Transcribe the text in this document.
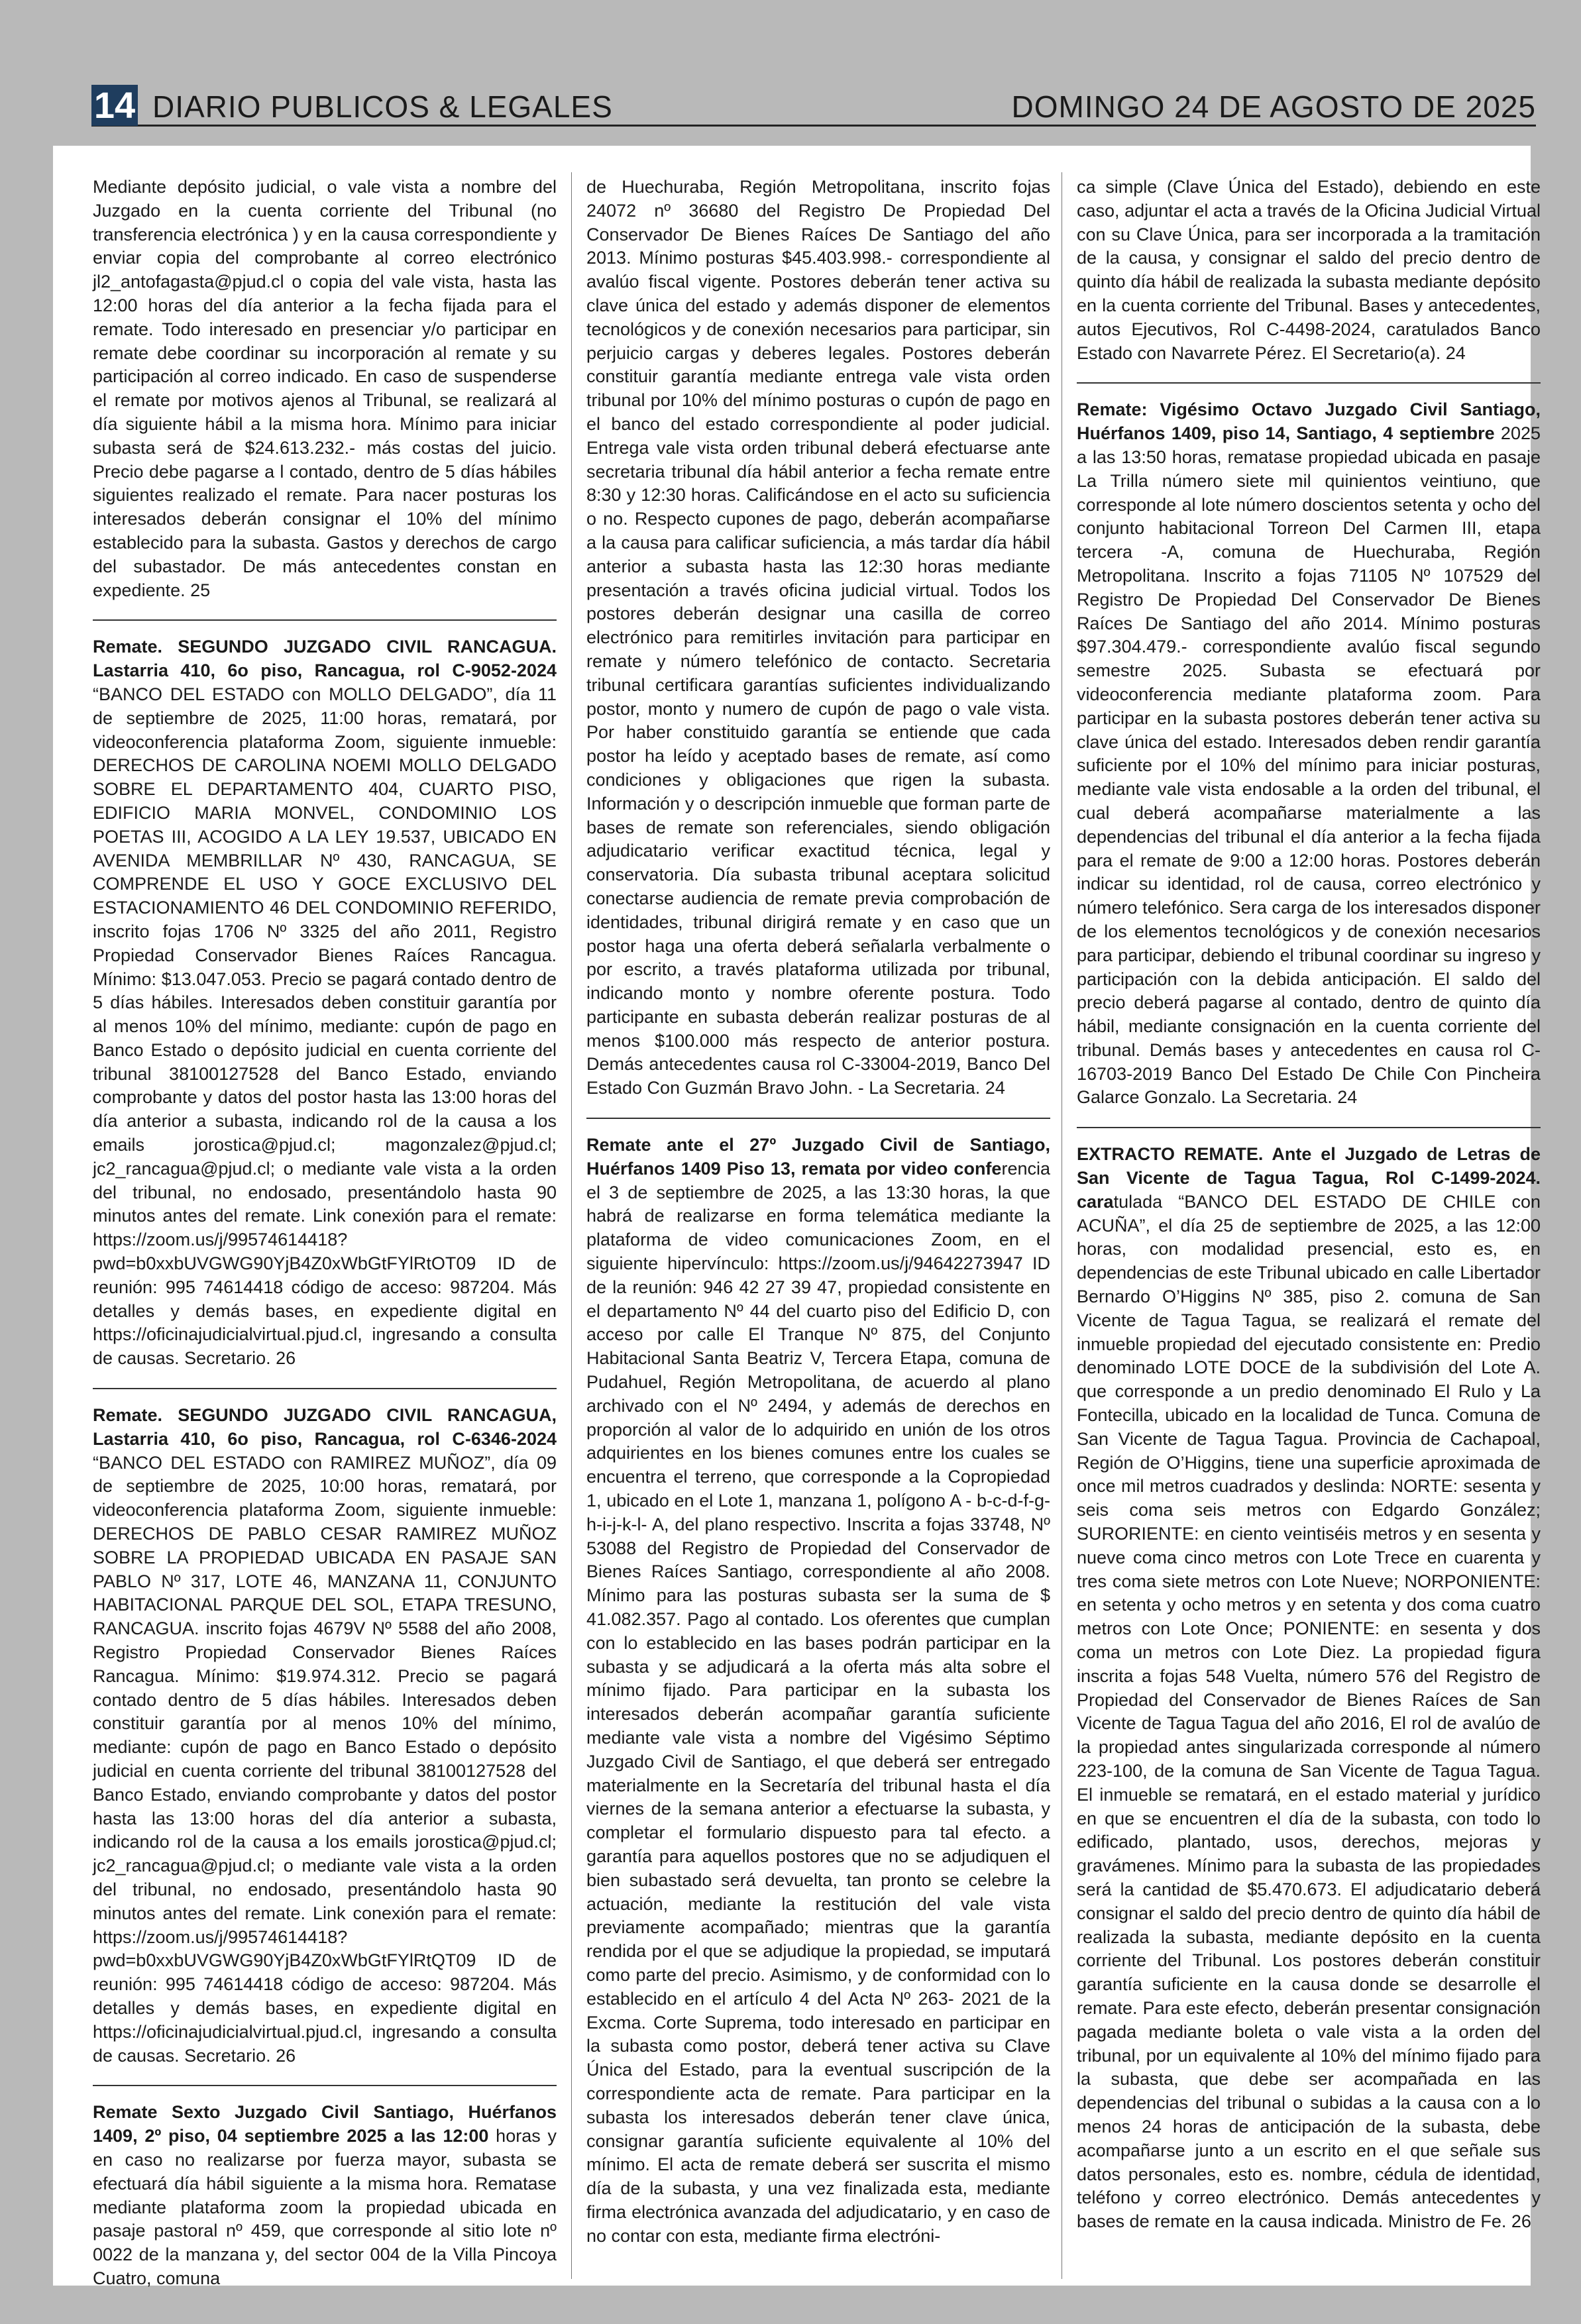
14 DIARIO PUBLICOS & LEGALES	DOMINGO 24 DE AGOSTO DE 2025

Mediante depósito judicial, o vale vista a nombre del Juzgado en la cuenta corriente del Tribunal (no transferencia electrónica ) y en la causa correspondiente y enviar copia del comprobante al correo electrónico jl2_antofagasta@pjud.cl o copia del vale vista, hasta las 12:00 horas del día anterior a la fecha fijada para el remate. Todo interesado en presenciar y/o participar en remate debe coordinar su incorporación al remate y su participación al correo indicado. En caso de suspenderse el remate por motivos ajenos al Tribunal, se realizará al día siguiente hábil a la misma hora. Mínimo para iniciar subasta será de $24.613.232.- más costas del juicio. Precio debe pagarse a l contado, dentro de 5 días hábiles siguientes realizado el remate. Para nacer posturas los interesados deberán consignar el 10% del mínimo establecido para la subasta. Gastos y derechos de cargo del subastador. De más antecedentes constan en expediente. 25

Remate. SEGUNDO JUZGADO CIVIL RANCAGUA. Lastarria 410, 6o piso, Rancagua, rol C-9052-2024 “BANCO DEL ESTADO con MOLLO DELGADO”, día 11 de septiembre de 2025, 11:00 horas, rematará, por videoconferencia plataforma Zoom, siguiente inmueble: DERECHOS DE CAROLINA NOEMI MOLLO DELGADO SOBRE EL DEPARTAMENTO 404, CUARTO PISO, EDIFICIO MARIA MONVEL, CONDOMINIO LOS POETAS III, ACOGIDO A LA LEY 19.537, UBICADO EN AVENIDA MEMBRILLAR Nº 430, RANCAGUA, SE COMPRENDE EL USO Y GOCE EXCLUSIVO DEL ESTACIONAMIENTO 46 DEL CONDOMINIO REFERIDO, inscrito fojas 1706 Nº 3325 del año 2011, Registro Propiedad Conservador Bienes Raíces Rancagua. Mínimo: $13.047.053. Precio se pagará contado dentro de 5 días hábiles. Interesados deben constituir garantía por al menos 10% del mínimo, mediante: cupón de pago en Banco Estado o depósito judicial en cuenta corriente del tribunal 38100127528 del Banco Estado, enviando comprobante y datos del postor hasta las 13:00 horas del día anterior a subasta, indicando rol de la causa a los emails jorostica@pjud.cl; magonzalez@pjud.cl; jc2_rancagua@pjud.cl; o mediante vale vista a la orden del tribunal, no endosado, presentándolo hasta 90 minutos antes del remate. Link conexión para el remate: https://zoom.us/j/99574614418?pwd=b0xxbUVGWG90YjB4Z0xWbGtFYlRtOT09 ID de reunión: 995 74614418 código de acceso: 987204. Más detalles y demás bases, en expediente digital en https://oficinajudicialvirtual.pjud.cl, ingresando a consulta de causas. Secretario. 26

Remate. SEGUNDO JUZGADO CIVIL RANCAGUA, Lastarria 410, 6o piso, Rancagua, rol C-6346-2024 “BANCO DEL ESTADO con RAMIREZ MUÑOZ”, día 09 de septiembre de 2025, 10:00 horas, rematará, por videoconferencia plataforma Zoom, siguiente inmueble: DERECHOS DE PABLO CESAR RAMIREZ MUÑOZ SOBRE LA PROPIEDAD UBICADA EN PASAJE SAN PABLO Nº 317, LOTE 46, MANZANA 11, CONJUNTO HABITACIONAL PARQUE DEL SOL, ETAPA TRESUNO, RANCAGUA. inscrito fojas 4679V Nº 5588 del año 2008, Registro Propiedad Conservador Bienes Raíces Rancagua. Mínimo: $19.974.312. Precio se pagará contado dentro de 5 días hábiles. Interesados deben constituir garantía por al menos 10% del mínimo, mediante: cupón de pago en Banco Estado o depósito judicial en cuenta corriente del tribunal 38100127528 del Banco Estado, enviando comprobante y datos del postor hasta las 13:00 horas del día anterior a subasta, indicando rol de la causa a los emails jorostica@pjud.cl; jc2_rancagua@pjud.cl; o mediante vale vista a la orden del tribunal, no endosado, presentándolo hasta 90 minutos antes del remate. Link conexión para el remate: https://zoom.us/j/99574614418?pwd=b0xxbUVGWG90YjB4Z0xWbGtFYlRtQT09 ID de reunión: 995 74614418 código de acceso: 987204. Más detalles y demás bases, en expediente digital en https://oficinajudicialvirtual.pjud.cl, ingresando a consulta de causas. Secretario. 26

Remate Sexto Juzgado Civil Santiago, Huérfanos 1409, 2º piso, 04 septiembre 2025 a las 12:00 horas y en caso no realizarse por fuerza mayor, subasta se efectuará día hábil siguiente a la misma hora. Rematase mediante plataforma zoom la propiedad ubicada en pasaje pastoral nº 459, que corresponde al sitio lote nº 0022 de la manzana y, del sector 004 de la Villa Pincoya Cuatro, comuna

de Huechuraba, Región Metropolitana, inscrito fojas 24072 nº 36680 del Registro De Propiedad Del Conservador De Bienes Raíces De Santiago del año 2013. Mínimo posturas $45.403.998.- correspondiente al avalúo fiscal vigente. Postores deberán tener activa su clave única del estado y además disponer de elementos tecnológicos y de conexión necesarios para participar, sin perjuicio cargas y deberes legales. Postores deberán constituir garantía mediante entrega vale vista orden tribunal por 10% del mínimo posturas o cupón de pago en el banco del estado correspondiente al poder judicial. Entrega vale vista orden tribunal deberá efectuarse ante secretaria tribunal día hábil anterior a fecha remate entre 8:30 y 12:30 horas. Calificándose en el acto su suficiencia o no. Respecto cupones de pago, deberán acompañarse a la causa para calificar suficiencia, a más tardar día hábil anterior a subasta hasta las 12:30 horas mediante presentación a través oficina judicial virtual. Todos los postores deberán designar una casilla de correo electrónico para remitirles invitación para participar en remate y número telefónico de contacto. Secretaria tribunal certificara garantías suficientes individualizando postor, monto y numero de cupón de pago o vale vista. Por haber constituido garantía se entiende que cada postor ha leído y aceptado bases de remate, así como condiciones y obligaciones que rigen la subasta. Información y o descripción inmueble que forman parte de bases de remate son referenciales, siendo obligación adjudicatario verificar exactitud técnica, legal y conservatoria. Día subasta tribunal aceptara solicitud conectarse audiencia de remate previa comprobación de identidades, tribunal dirigirá remate y en caso que un postor haga una oferta deberá señalarla verbalmente o por escrito, a través plataforma utilizada por tribunal, indicando monto y nombre oferente postura. Todo participante en subasta deberán realizar posturas de al menos $100.000 más respecto de anterior postura. Demás antecedentes causa rol C-33004-2019, Banco Del Estado Con Guzmán Bravo John. - La Secretaria. 24

Remate ante el 27º Juzgado Civil de Santiago, Huérfanos 1409 Piso 13, remata por video conferencia el 3 de septiembre de 2025, a las 13:30 horas, la que habrá de realizarse en forma telemática mediante la plataforma de video comunicaciones Zoom, en el siguiente hipervínculo: https://zoom.us/j/9464227394​7 ID de la reunión: 946 42 27 39 47, propiedad consistente en el departamento Nº 44 del cuarto piso del Edificio D, con acceso por calle El Tranque Nº 875, del Conjunto Habitacional Santa Beatriz V, Tercera Etapa, comuna de Pudahuel, Región Metropolitana, de acuerdo al plano archivado con el Nº 2494, y además de derechos en proporción al valor de lo adquirido en unión de los otros adquirientes en los bienes comunes entre los cuales se encuentra el terreno, que corresponde a la Copropiedad 1, ubicado en el Lote 1, manzana 1, polígono A - b-c-d-f-g-h-i-j-k-l- A, del plano respectivo. Inscrita a fojas 33748, Nº 53088 del Registro de Propiedad del Conservador de Bienes Raíces Santiago, correspondiente al año 2008. Mínimo para las posturas subasta ser la suma de $ 41.082.357. Pago al contado. Los oferentes que cumplan con lo establecido en las bases podrán participar en la subasta y se adjudicará a la oferta más alta sobre el mínimo fijado. Para participar en la subasta los interesados deberán acompañar garantía suficiente mediante vale vista a nombre del Vigésimo Séptimo Juzgado Civil de Santiago, el que deberá ser entregado materialmente en la Secretaría del tribunal hasta el día viernes de la semana anterior a efectuarse la subasta, y completar el formulario dispuesto para tal efecto. a garantía para aquellos postores que no se adjudiquen el bien subastado será devuelta, tan pronto se celebre la actuación, mediante la restitución del vale vista previamente acompañado; mientras que la garantía rendida por el que se adjudique la propiedad, se imputará como parte del precio. Asimismo, y de conformidad con lo establecido en el artículo 4 del Acta Nº 263- 2021 de la Excma. Corte Suprema, todo interesado en participar en la subasta como postor, deberá tener activa su Clave Única del Estado, para la eventual suscripción de la correspondiente acta de remate. Para participar en la subasta los interesados deberán tener clave única, consignar garantía suficiente equivalente al 10% del mínimo. El acta de remate deberá ser suscrita el mismo día de la subasta, y una vez finalizada esta, mediante firma electrónica avanzada del adjudicatario, y en caso de no contar con esta, mediante firma electróni-

ca simple (Clave Única del Estado), debiendo en este caso, adjuntar el acta a través de la Oficina Judicial Virtual con su Clave Única, para ser incorporada a la tramitación de la causa, y consignar el saldo del precio dentro de quinto día hábil de realizada la subasta mediante depósito en la cuenta corriente del Tribunal. Bases y antecedentes, autos Ejecutivos, Rol C-4498-2024, caratulados Banco Estado con Navarrete Pérez. El Secretario(a). 24

Remate: Vigésimo Octavo Juzgado Civil Santiago, Huérfanos 1409, piso 14, Santiago, 4 septiembre 2025 a las 13:50 horas, rematase propiedad ubicada en pasaje La Trilla número siete mil quinientos veintiuno, que corresponde al lote número doscientos setenta y ocho del conjunto habitacional Torreon Del Carmen III, etapa tercera -A, comuna de Huechuraba, Región Metropolitana. Inscrito a fojas 71105 Nº 107529 del Registro De Propiedad Del Conservador De Bienes Raíces De Santiago del año 2014. Mínimo posturas $97.304.479.- correspondiente avalúo fiscal segundo semestre 2025. Subasta se efectuará por videoconferencia mediante plataforma zoom. Para participar en la subasta postores deberán tener activa su clave única del estado. Interesados deben rendir garantía suficiente por el 10% del mínimo para iniciar posturas, mediante vale vista endosable a la orden del tribunal, el cual deberá acompañarse materialmente a las dependencias del tribunal el día anterior a la fecha fijada para el remate de 9:00 a 12:00 horas. Postores deberán indicar su identidad, rol de causa, correo electrónico y número telefónico. Sera carga de los interesados disponer de los elementos tecnológicos y de conexión necesarios para participar, debiendo el tribunal coordinar su ingreso y participación con la debida anticipación. El saldo del precio deberá pagarse al contado, dentro de quinto día hábil, mediante consignación en la cuenta corriente del tribunal. Demás bases y antecedentes en causa rol C-16703-2019 Banco Del Estado De Chile Con Pincheira Galarce Gonzalo. La Secretaria. 24

EXTRACTO REMATE. Ante el Juzgado de Letras de San Vicente de Tagua Tagua, Rol C-1499-2024. caratulada “BANCO DEL ESTADO DE CHILE con ACUÑA”, el día 25 de septiembre de 2025, a las 12:00 horas, con modalidad presencial, esto es, en dependencias de este Tribunal ubicado en calle Libertador Bernardo O’Higgins Nº 385, piso 2. comuna de San Vicente de Tagua Tagua, se realizará el remate del inmueble propiedad del ejecutado consistente en: Predio denominado LOTE DOCE de la subdivisión del Lote A. que corresponde a un predio denominado El Rulo y La Fontecilla, ubicado en la localidad de Tunca. Comuna de San Vicente de Tagua Tagua. Provincia de Cachapoal, Región de O’Higgins, tiene una superficie aproximada de once mil metros cuadrados y deslinda: NORTE: sesenta y seis coma seis metros con Edgardo González; SURORIENTE: en ciento veintiséis metros y en sesenta y nueve coma cinco metros con Lote Trece en cuarenta y tres coma siete metros con Lote Nueve; NORPONIENTE: en setenta y ocho metros y en setenta y dos coma cuatro metros con Lote Once; PONIENTE: en sesenta y dos coma un metros con Lote Diez. La propiedad figura inscrita a fojas 548 Vuelta, número 576 del Registro de Propiedad del Conservador de Bienes Raíces de San Vicente de Tagua Tagua del año 2016, El rol de avalúo de la propiedad antes singularizada corresponde al número 223-100, de la comuna de San Vicente de Tagua Tagua. El inmueble se rematará, en el estado material y jurídico en que se encuentren el día de la subasta, con todo lo edificado, plantado, usos, derechos, mejoras y gravámenes. Mínimo para la subasta de las propiedades será la cantidad de $5.470.673. El adjudicatario deberá consignar el saldo del precio dentro de quinto día hábil de realizada la subasta, mediante depósito en la cuenta corriente del Tribunal. Los postores deberán constituir garantía suficiente en la causa donde se desarrolle el remate. Para este efecto, deberán presentar consignación pagada mediante boleta o vale vista a la orden del tribunal, por un equivalente al 10% del mínimo fijado para la subasta, que debe ser acompañada en las dependencias del tribunal o subidas a la causa con a lo menos 24 horas de anticipación de la subasta, debe acompañarse junto a un escrito en el que señale sus datos personales, esto es. nombre, cédula de identidad, teléfono y correo electrónico. Demás antecedentes y bases de remate en la causa indicada. Ministro de Fe. 26
